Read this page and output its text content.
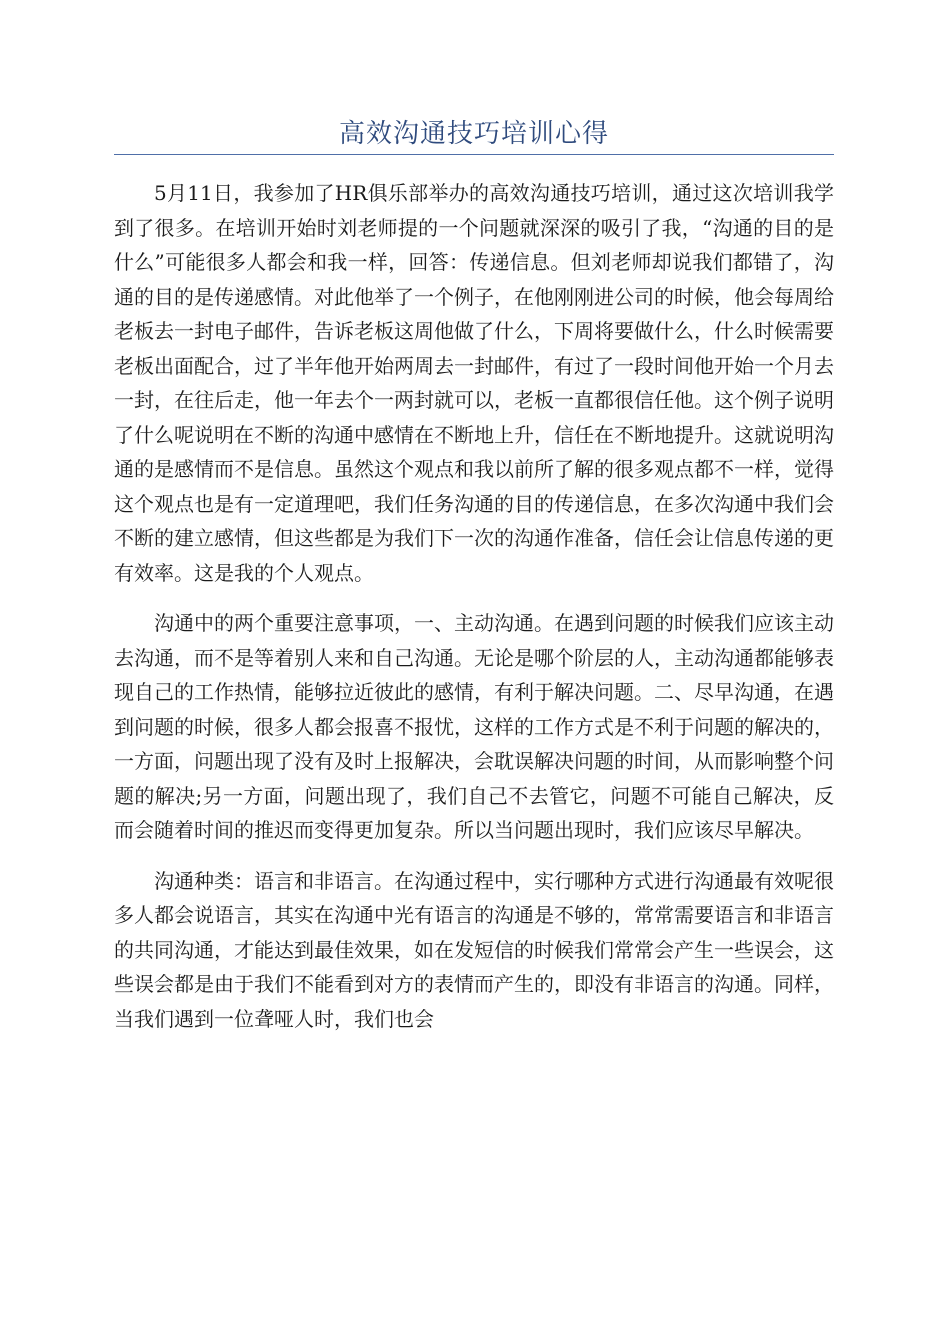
高效沟通技巧培训心得

5月11日，我参加了HR俱乐部举办的高效沟通技巧培训，通过这次培训我学到了很多。在培训开始时刘老师提的一个问题就深深的吸引了我，“沟通的目的是什么”可能很多人都会和我一样，回答：传递信息。但刘老师却说我们都错了，沟通的目的是传递感情。对此他举了一个例子，在他刚刚进公司的时候，他会每周给老板去一封电子邮件，告诉老板这周他做了什么，下周将要做什么，什么时候需要老板出面配合，过了半年他开始两周去一封邮件，有过了一段时间他开始一个月去一封，在往后走，他一年去个一两封就可以，老板一直都很信任他。这个例子说明了什么呢说明在不断的沟通中感情在不断地上升，信任在不断地提升。这就说明沟通的是感情而不是信息。虽然这个观点和我以前所了解的很多观点都不一样，觉得这个观点也是有一定道理吧，我们任务沟通的目的传递信息，在多次沟通中我们会不断的建立感情，但这些都是为我们下一次的沟通作准备，信任会让信息传递的更有效率。这是我的个人观点。

沟通中的两个重要注意事项，一、主动沟通。在遇到问题的时候我们应该主动去沟通，而不是等着别人来和自己沟通。无论是哪个阶层的人，主动沟通都能够表现自己的工作热情，能够拉近彼此的感情，有利于解决问题。二、尽早沟通，在遇到问题的时候，很多人都会报喜不报忧，这样的工作方式是不利于问题的解决的，一方面，问题出现了没有及时上报解决，会耽误解决问题的时间，从而影响整个问题的解决;另一方面，问题出现了，我们自己不去管它，问题不可能自己解决，反而会随着时间的推迟而变得更加复杂。所以当问题出现时，我们应该尽早解决。

沟通种类：语言和非语言。在沟通过程中，实行哪种方式进行沟通最有效呢很多人都会说语言，其实在沟通中光有语言的沟通是不够的，常常需要语言和非语言的共同沟通，才能达到最佳效果，如在发短信的时候我们常常会产生一些误会，这些误会都是由于我们不能看到对方的表情而产生的，即没有非语言的沟通。同样，当我们遇到一位聋哑人时，我们也会
